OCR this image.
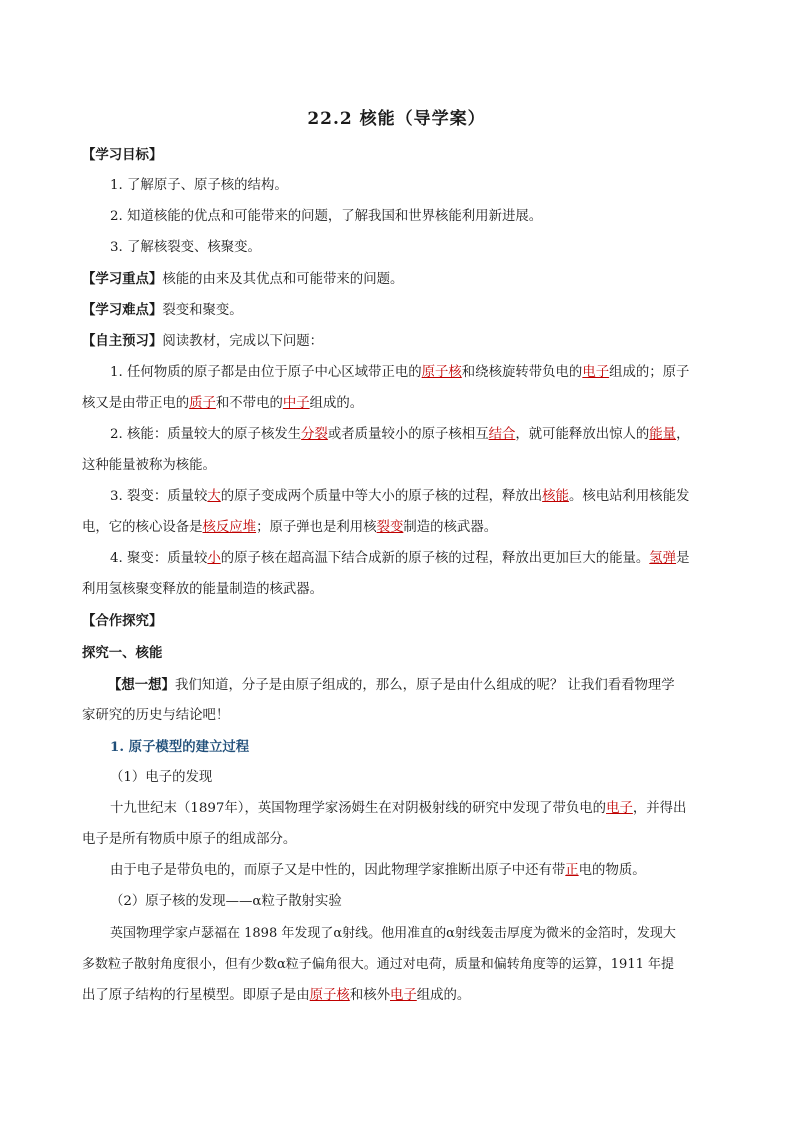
22.2 核能（导学案）
【学习目标】
1. 了解原子、原子核的结构。
2. 知道核能的优点和可能带来的问题，了解我国和世界核能利用新进展。
3. 了解核裂变、核聚变。
【学习重点】核能的由来及其优点和可能带来的问题。
【学习难点】裂变和聚变。
【自主预习】阅读教材，完成以下问题：
1. 任何物质的原子都是由位于原子中心区域带正电的原子核和绕核旋转带负电的电子组成的；原子
核又是由带正电的质子和不带电的中子组成的。
2. 核能：质量较大的原子核发生分裂或者质量较小的原子核相互结合，就可能释放出惊人的能量，
这种能量被称为核能。
3. 裂变：质量较大的原子变成两个质量中等大小的原子核的过程，释放出核能。核电站利用核能发
电，它的核心设备是核反应堆；原子弹也是利用核裂变制造的核武器。
4. 聚变：质量较小的原子核在超高温下结合成新的原子核的过程，释放出更加巨大的能量。氢弹是
利用氢核聚变释放的能量制造的核武器。
【合作探究】
探究一、核能
【想一想】我们知道，分子是由原子组成的，那么，原子是由什么组成的呢？ 让我们看看物理学
家研究的历史与结论吧！
1. 原子模型的建立过程
（1）电子的发现
十九世纪末（1897年），英国物理学家汤姆生在对阴极射线的研究中发现了带负电的电子，并得出
电子是所有物质中原子的组成部分。
由于电子是带负电的，而原子又是中性的，因此物理学家推断出原子中还有带正电的物质。
（2）原子核的发现——α粒子散射实验
英国物理学家卢瑟福在 1898 年发现了α射线。他用准直的α射线轰击厚度为微米的金箔时，发现大
多数粒子散射角度很小，但有少数α粒子偏角很大。通过对电荷，质量和偏转角度等的运算，1911 年提
出了原子结构的行星模型。即原子是由原子核和核外电子组成的。
